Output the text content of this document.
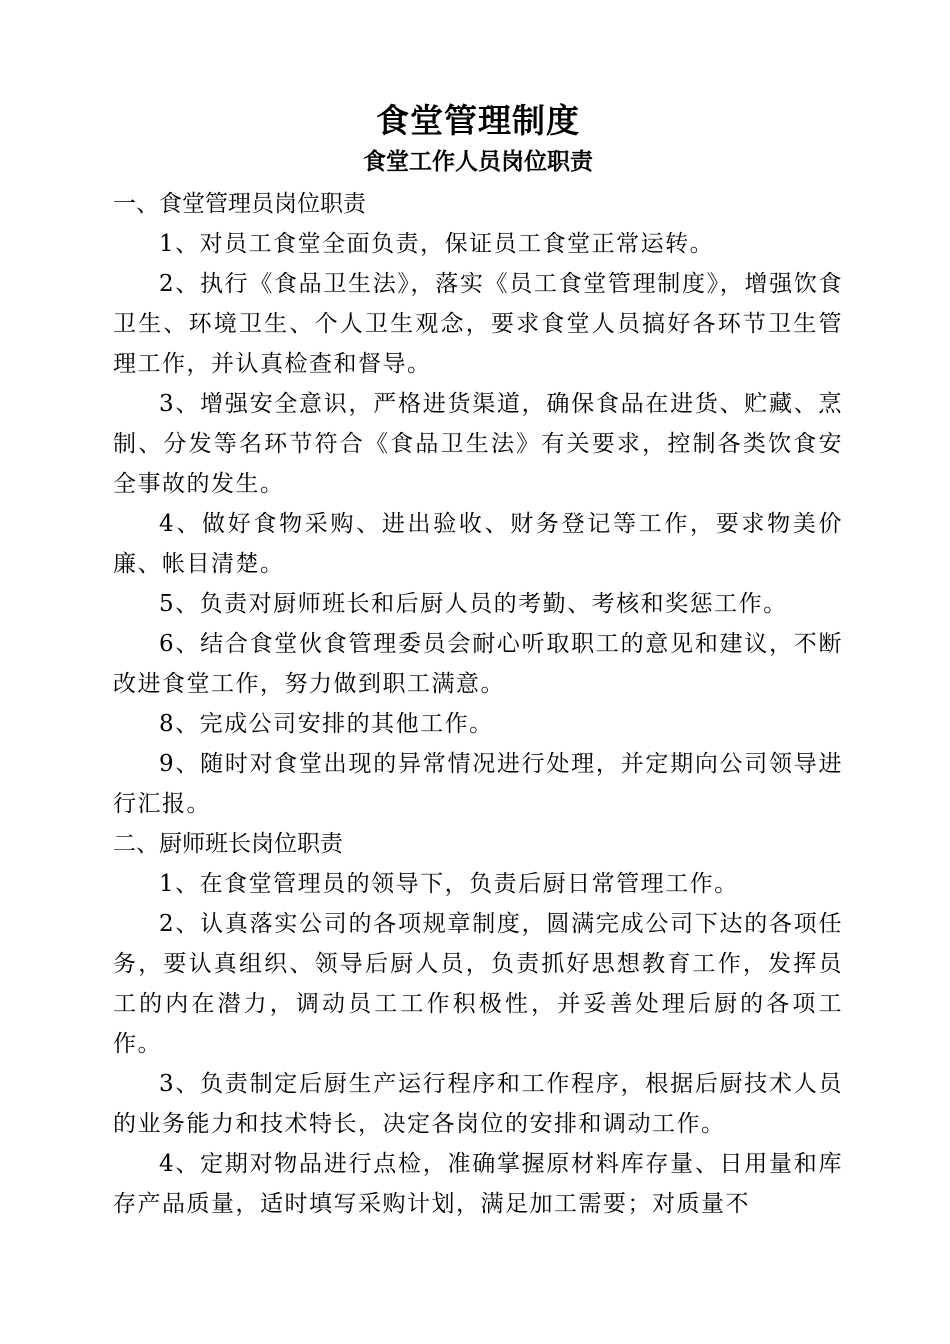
食堂管理制度
食堂工作人员岗位职责
一、食堂管理员岗位职责

1、对员工食堂全面负责，保证员工食堂正常运转。

2、执行《食品卫生法》，落实《员工食堂管理制度》，增强饮食卫生、环境卫生、个人卫生观念，要求食堂人员搞好各环节卫生管理工作，并认真检查和督导。

3、增强安全意识，严格进货渠道，确保食品在进货、贮藏、烹制、分发等名环节符合《食品卫生法》有关要求，控制各类饮食安全事故的发生。

4、做好食物采购、进出验收、财务登记等工作，要求物美价廉、帐目清楚。

5、负责对厨师班长和后厨人员的考勤、考核和奖惩工作。

6、结合食堂伙食管理委员会耐心听取职工的意见和建议，不断改进食堂工作，努力做到职工满意。

8、完成公司安排的其他工作。

9、随时对食堂出现的异常情况进行处理，并定期向公司领导进行汇报。

二、厨师班长岗位职责

1、在食堂管理员的领导下，负责后厨日常管理工作。

2、认真落实公司的各项规章制度，圆满完成公司下达的各项任务，要认真组织、领导后厨人员，负责抓好思想教育工作，发挥员工的内在潜力，调动员工工作积极性，并妥善处理后厨的各项工作。

3、负责制定后厨生产运行程序和工作程序，根据后厨技术人员的业务能力和技术特长，决定各岗位的安排和调动工作。

4、定期对物品进行点检，准确掌握原材料库存量、日用量和库存产品质量，适时填写采购计划，满足加工需要；对质量不
